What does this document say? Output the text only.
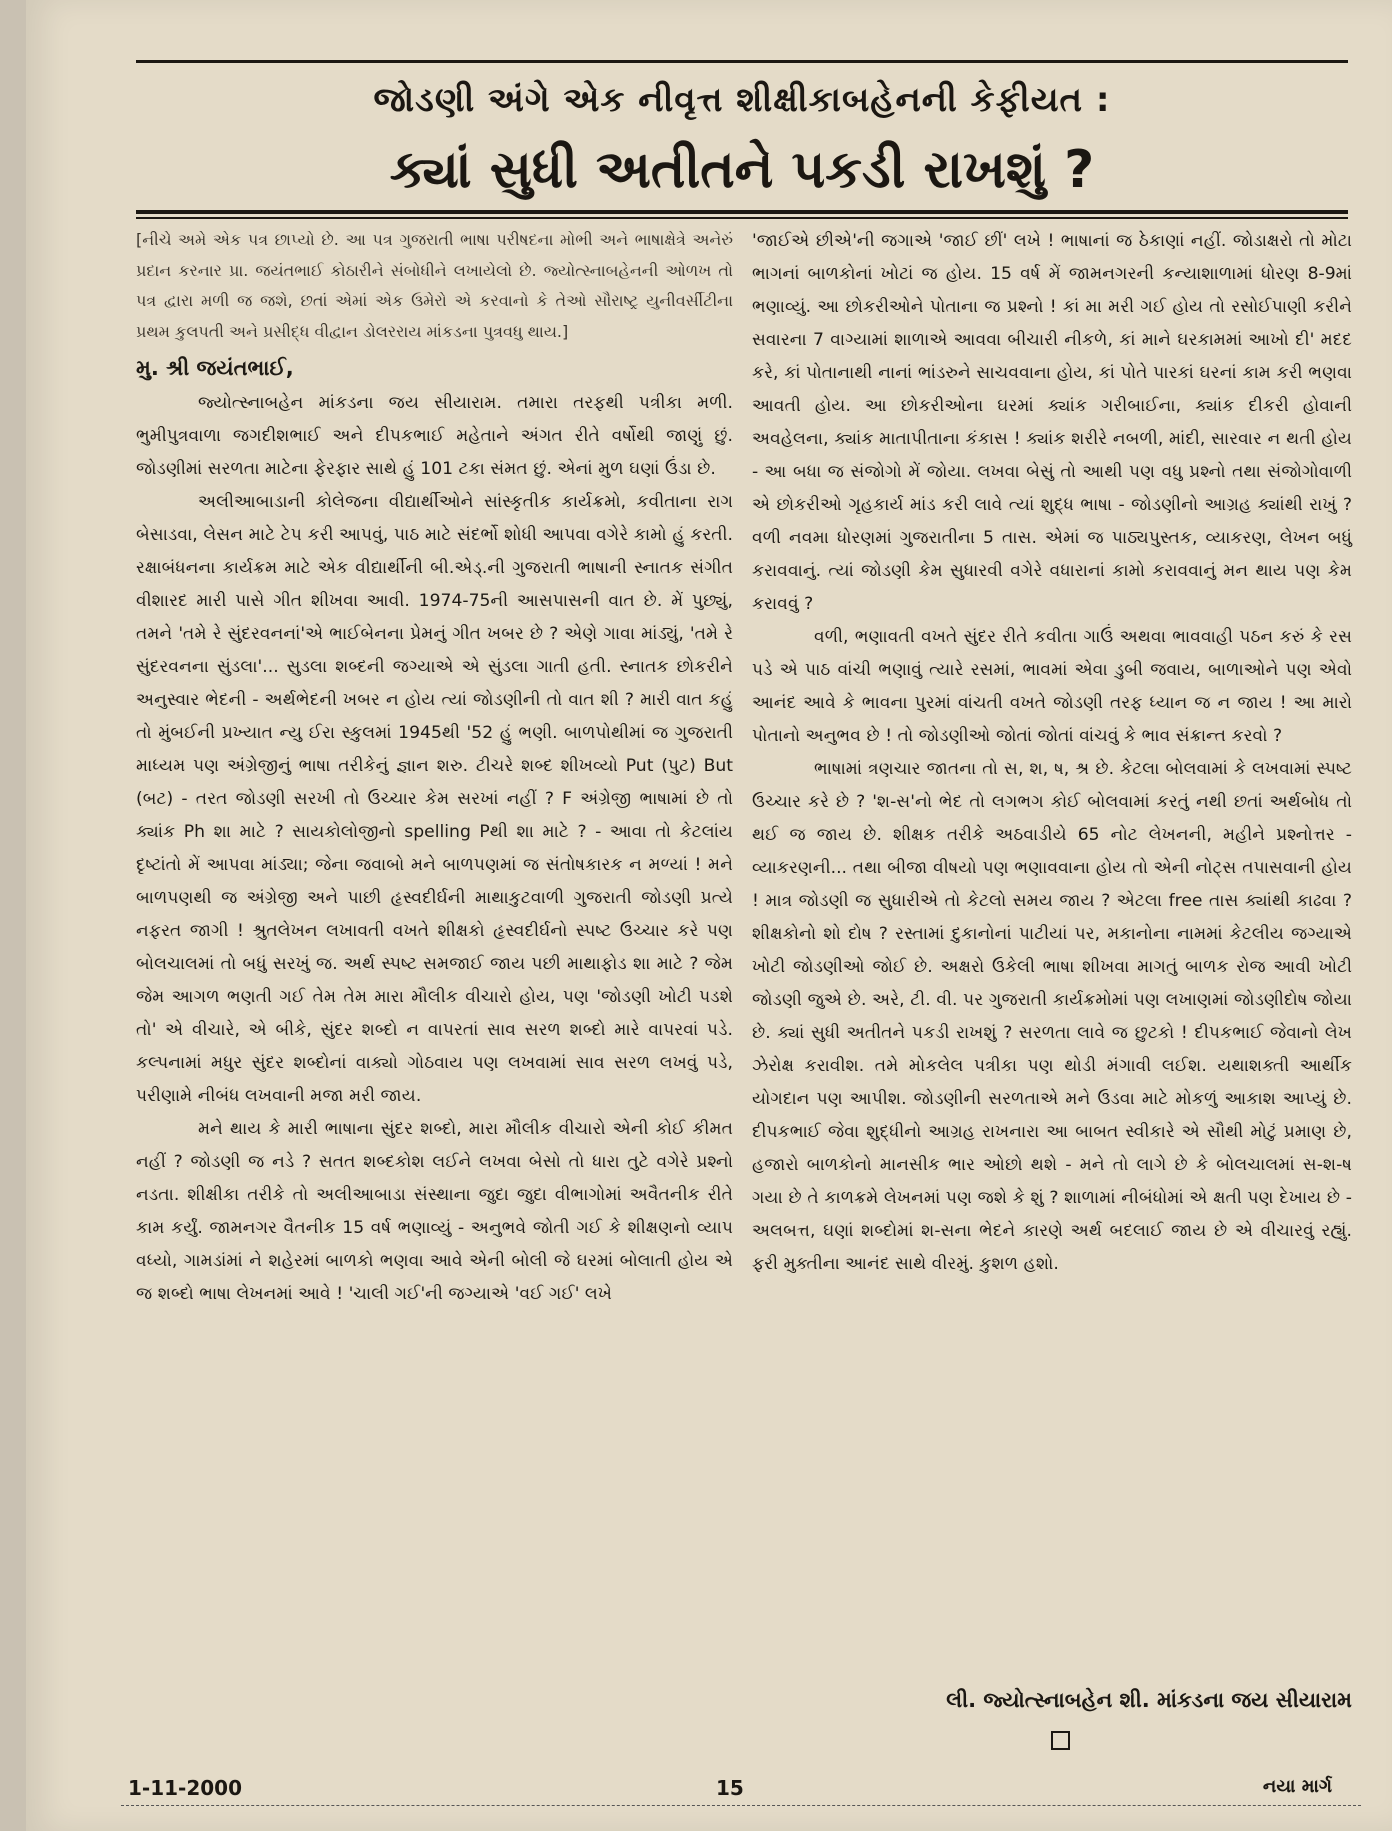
જોડણી અંગે એક નીવૃત્ત શીક્ષીકાબહેનની કેફીયત :
ક્યાં સુધી અતીતને પકડી રાખશું ?

[નીચે અમે એક પત્ર છાપ્યો છે. આ પત્ર ગુજરાતી ભાષા પરીષદના મોભી અને ભાષાક્ષેત્રે અનેરું પ્રદાન કરનાર પ્રા. જયંતભાઈ કોઠારીને સંબોધીને લખાયેલો છે. જ્યોત્સ્નાબહેનની ઓળખ તો પત્ર દ્વારા મળી જ જશે, છતાં એમાં એક ઉમેરો એ કરવાનો કે તેઓ સૌરાષ્ટ્ર યુનીવર્સીટીના પ્રથમ કુલપતી અને પ્રસીદ્ધ વીદ્વાન ડોલરરાય માંકડના પુત્રવધુ થાય.]

મુ. શ્રી જયંતભાઈ,

જ્યોત્સ્નાબહેન માંકડના જય સીયારામ. તમારા તરફથી પત્રીકા મળી. ભુમીપુત્રવાળા જગદીશભાઈ અને દીપકભાઈ મહેતાને અંગત રીતે વર્ષોથી જાણું છું. જોડણીમાં સરળતા માટેના ફેરફાર સાથે હું 101 ટકા સંમત છું. એનાં મુળ ઘણાં ઉંડા છે.

અલીઆબાડાની કોલેજના વીદ્યાર્થીઓને સાંસ્કૃતીક કાર્યક્રમો, કવીતાના રાગ બેસાડવા, લેસન માટે ટેપ કરી આપવું, પાઠ માટે સંદર્ભો શોધી આપવા વગેરે કામો હું કરતી. રક્ષાબંધનના કાર્યક્રમ માટે એક વીદ્યાર્થીની બી.એડ્.ની ગુજરાતી ભાષાની સ્નાતક સંગીત વીશારદ મારી પાસે ગીત શીખવા આવી. 1974-75ની આસપાસની વાત છે. મેં પુછ્યું, તમને 'તમે રે સુંદરવનનાં'એ ભાઈબેનના પ્રેમનું ગીત ખબર છે ? એણે ગાવા માંડ્યું, 'તમે રે સુંદરવનના સુંડલા'... સુડલા શબ્દની જગ્યાએ એ સુંડલા ગાતી હતી. સ્નાતક છોકરીને અનુસ્વાર ભેદની - અર્થભેદની ખબર ન હોય ત્યાં જોડણીની તો વાત શી ? મારી વાત કહું તો મુંબઈની પ્રખ્યાત ન્યુ ઈરા સ્કુલમાં 1945થી '52 હું ભણી. બાળપોથીમાં જ ગુજરાતી માધ્યમ પણ અંગ્રેજીનું ભાષા તરીકેનું જ્ઞાન શરુ. ટીચરે શબ્દ શીખવ્યો Put (પુટ) But (બટ) - તરત જોડણી સરખી તો ઉચ્ચાર કેમ સરખાં નહીં ? F અંગ્રેજી ભાષામાં છે તો ક્યાંક Ph શા માટે ? સાયકોલોજીનો spelling Pથી શા માટે ? - આવા તો કેટલાંય દૃષ્ટાંતો મેં આપવા માંડ્યા; જેના જવાબો મને બાળપણમાં જ સંતોષકારક ન મળ્યાં ! મને બાળપણથી જ અંગ્રેજી અને પાછી હૃસ્વદીર્ઘની માથાકુટવાળી ગુજરાતી જોડણી પ્રત્યે નફરત જાગી ! શ્રુતલેખન લખાવતી વખતે શીક્ષકો હૃસ્વદીર્ઘનો સ્પષ્ટ ઉચ્ચાર કરે પણ બોલચાલમાં તો બધું સરખું જ. અર્થ સ્પષ્ટ સમજાઈ જાય પછી માથાફોડ શા માટે ? જેમ જેમ આગળ ભણતી ગઈ તેમ તેમ મારા મૌલીક વીચારો હોય, પણ 'જોડણી ખોટી પડશે તો' એ વીચારે, એ બીકે, સુંદર શબ્દો ન વાપરતાં સાવ સરળ શબ્દો મારે વાપરવાં પડે. કલ્પનામાં મધુર સુંદર શબ્દોનાં વાક્યો ગોઠવાય પણ લખવામાં સાવ સરળ લખવું પડે, પરીણામે નીબંધ લખવાની મજા મરી જાય.

મને થાય કે મારી ભાષાના સુંદર શબ્દો, મારા મૌલીક વીચારો એની કોઈ કીમત નહીં ? જોડણી જ નડે ? સતત શબ્દકોશ લઈને લખવા બેસો તો ધારા તુટે વગેરે પ્રશ્નો નડતા. શીક્ષીકા તરીકે તો અલીઆબાડા સંસ્થાના જુદા જુદા વીભાગોમાં અવૈતનીક રીતે કામ કર્યું. જામનગર વૈતનીક 15 વર્ષ ભણાવ્યું - અનુભવે જોતી ગઈ કે શીક્ષણનો વ્યાપ વધ્યો, ગામડાંમાં ને શહેરમાં બાળકો ભણવા આવે એની બોલી જે ઘરમાં બોલાતી હોય એ જ શબ્દો ભાષા લેખનમાં આવે ! 'ચાલી ગઈ'ની જગ્યાએ 'વઈ ગઈ' લખે

'જાઈએ છીએ'ની જગાએ 'જાઈ છીં' લખે ! ભાષાનાં જ ઠેકાણાં નહીં. જોડાક્ષરો તો મોટા ભાગનાં બાળકોનાં ખોટાં જ હોય. 15 વર્ષ મેં જામનગરની કન્યાશાળામાં ધોરણ 8-9માં ભણાવ્યું. આ છોકરીઓને પોતાના જ પ્રશ્નો ! કાં મા મરી ગઈ હોય તો રસોઈપાણી કરીને સવારના 7 વાગ્યામાં શાળાએ આવવા બીચારી નીકળે, કાં માને ઘરકામમાં આખો દી' મદદ કરે, કાં પોતાનાથી નાનાં ભાંડરુને સાચવવાના હોય, કાં પોતે પારકાં ઘરનાં કામ કરી ભણવા આવતી હોય. આ છોકરીઓના ઘરમાં ક્યાંક ગરીબાઈના, ક્યાંક દીકરી હોવાની અવહેલના, ક્યાંક માતાપીતાના કંકાસ ! ક્યાંક શરીરે નબળી, માંદી, સારવાર ન થતી હોય - આ બધા જ સંજોગો મેં જોયા. લખવા બેસું તો આથી પણ વધુ પ્રશ્નો તથા સંજોગોવાળી એ છોકરીઓ ગૃહકાર્ય માંડ કરી લાવે ત્યાં શુદ્ધ ભાષા - જોડણીનો આગ્રહ ક્યાંથી રાખું ? વળી નવમા ધોરણમાં ગુજરાતીના 5 તાસ. એમાં જ પાઠ્યપુસ્તક, વ્યાકરણ, લેખન બધું કરાવવાનું. ત્યાં જોડણી કેમ સુધારવી વગેરે વધારાનાં કામો કરાવવાનું મન થાય પણ કેમ કરાવવું ?

વળી, ભણાવતી વખતે સુંદર રીતે કવીતા ગાઉં અથવા ભાવવાહી પઠન કરું કે રસ પડે એ પાઠ વાંચી ભણાવું ત્યારે રસમાં, ભાવમાં એવા ડુબી જવાય, બાળાઓને પણ એવો આનંદ આવે કે ભાવના પુરમાં વાંચતી વખતે જોડણી તરફ ધ્યાન જ ન જાય ! આ મારો પોતાનો અનુભવ છે ! તો જોડણીઓ જોતાં જોતાં વાંચવું કે ભાવ સંક્રાન્ત કરવો ?

ભાષામાં ત્રણચાર જાતના તો સ, શ, ષ, શ્ર છે. કેટલા બોલવામાં કે લખવામાં સ્પષ્ટ ઉચ્ચાર કરે છે ? 'શ-સ'નો ભેદ તો લગભગ કોઈ બોલવામાં કરતું નથી છતાં અર્થબોધ તો થઈ જ જાય છે. શીક્ષક તરીકે અઠવાડીયે 65 નોટ લેખનની, મહીને પ્રશ્નોત્તર - વ્યાકરણની... તથા બીજા વીષયો પણ ભણાવવાના હોય તો એની નોટ્સ તપાસવાની હોય ! માત્ર જોડણી જ સુધારીએ તો કેટલો સમય જાય ? એટલા free તાસ ક્યાંથી કાઢવા ? શીક્ષકોનો શો દોષ ? રસ્તામાં દુકાનોનાં પાટીયાં પર, મકાનોના નામમાં કેટલીય જગ્યાએ ખોટી જોડણીઓ જોઈ છે. અક્ષરો ઉકેલી ભાષા શીખવા માગતું બાળક રોજ આવી ખોટી જોડણી જુએ છે. અરે, ટી. વી. પર ગુજરાતી કાર્યક્રમોમાં પણ લખાણમાં જોડણીદોષ જોયા છે. ક્યાં સુધી અતીતને પકડી રાખશું ? સરળતા લાવે જ છુટકો ! દીપકભાઈ જેવાનો લેખ ઝેરોક્ષ કરાવીશ. તમે મોકલેલ પત્રીકા પણ થોડી મંગાવી લઈશ. યથાશક્તી આર્થીક યોગદાન પણ આપીશ. જોડણીની સરળતાએ મને ઉડવા માટે મોકળું આકાશ આપ્યું છે. દીપકભાઈ જેવા શુદ્ધીનો આગ્રહ રાખનારા આ બાબત સ્વીકારે એ સૌથી મોટું પ્રમાણ છે, હજારો બાળકોનો માનસીક ભાર ઓછો થશે - મને તો લાગે છે કે બોલચાલમાં સ-શ-ષ ગયા છે તે કાળક્રમે લેખનમાં પણ જશે કે શું ? શાળામાં નીબંધોમાં એ ક્ષતી પણ દેખાય છે - અલબત્ત, ઘણાં શબ્દોમાં શ-સના ભેદને કારણે અર્થ બદલાઈ જાય છે એ વીચારવું રહ્યું. ફરી મુક્તીના આનંદ સાથે વીરમું. કુશળ હશો.

લી. જ્યોત્સ્નાબહેન શી. માંકડના જય સીયારામ
1-11-2000	15	નયા માર્ગ
